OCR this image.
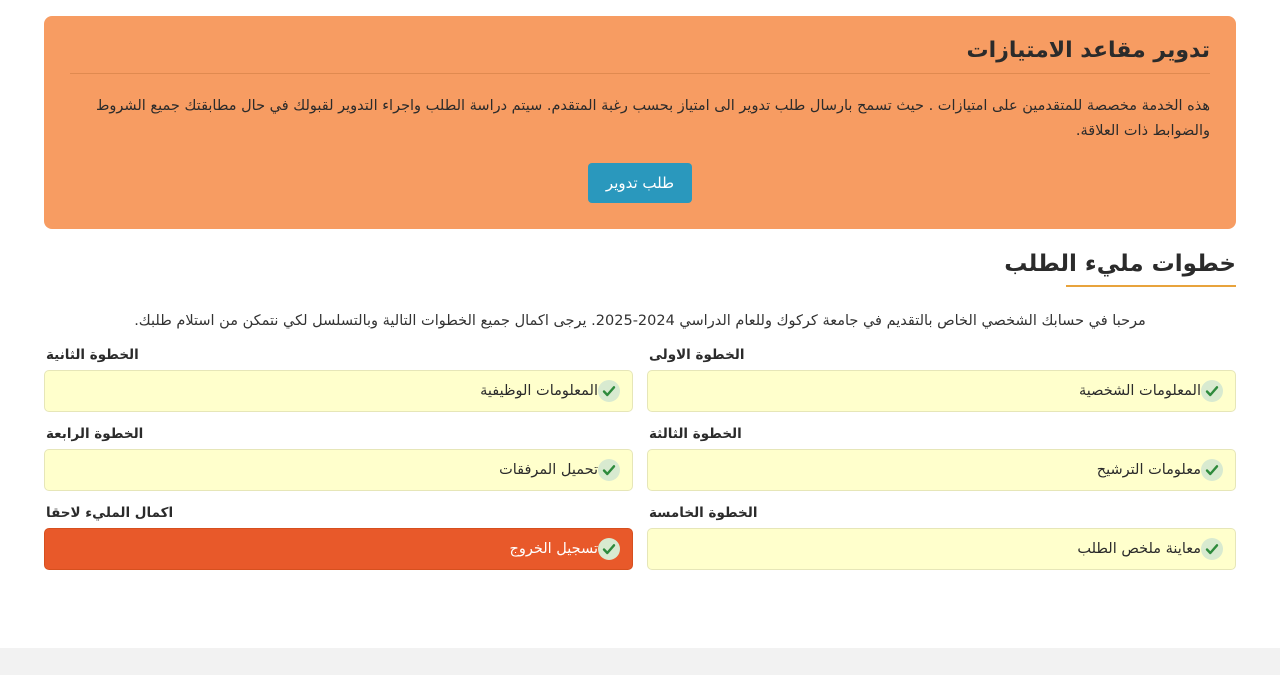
تدوير مقاعد الامتيازات

هذه الخدمة مخصصة للمتقدمين على امتيازات . حيث تسمح بارسال طلب تدوير الى امتياز بحسب رغبة المتقدم. سيتم دراسة الطلب واجراء التدوير لقبولك في حال مطابقتك جميع الشروط والضوابط ذات العلاقة.

طلب تدوير
خطوات مليء الطلب

مرحبا في حسابك الشخصي الخاص بالتقديم في جامعة كركوك وللعام الدراسي 2024-2025. يرجى اكمال جميع الخطوات التالية وبالتسلسل لكي نتمكن من استلام طلبك.

الخطوة الاولى
المعلومات الشخصية
الخطوة الثانية
المعلومات الوظيفية
الخطوة الثالثة
معلومات الترشيح
الخطوة الرابعة
تحميل المرفقات
الخطوة الخامسة
معاينة ملخص الطلب
اكمال المليء لاحقا
تسجيل الخروج
